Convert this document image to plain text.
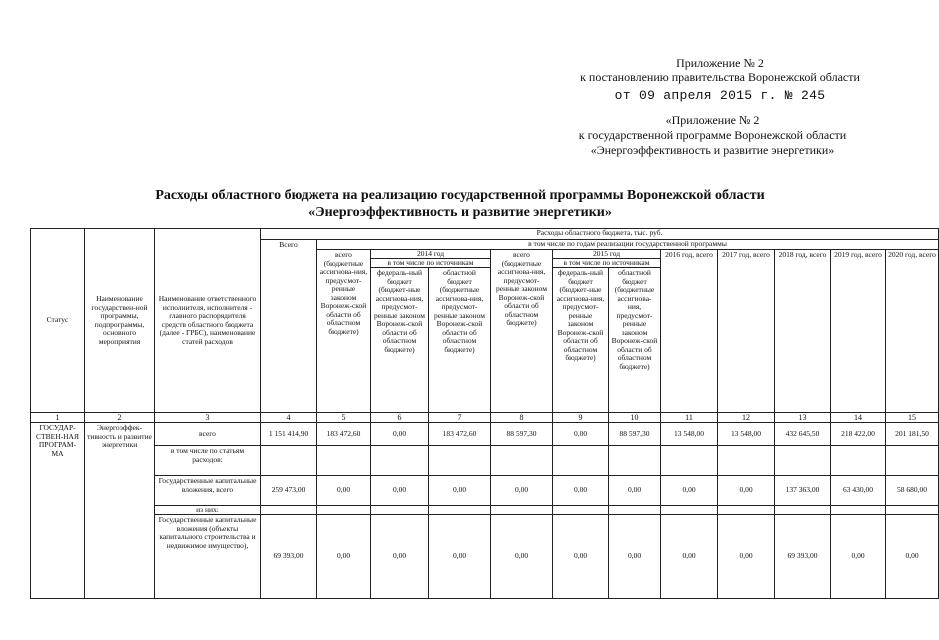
Приложение № 2
к постановлению правительства Воронежской области
от 09 апреля 2015 г. № 245
«Приложение № 2
к государственной программе Воронежской области
«Энергоэффективность и развитие энергетики»
Расходы областного бюджета на реализацию государственной программы Воронежской области
«Энергоэффективность и развитие энергетики»
Статус	Наименование государствен-ной программы, подпрограммы, основного мероприятия	Наименование ответственного исполнителя, исполнителя - главного распорядителя средств областного бюджета (далее - ГРБС), наименование статей расходов	Расходы областного бюджета, тыс. руб.											
			Всего	в том числе по годам реализации государственной программы										
				всего (бюджетные ассигнова-ния, предусмот-ренные законом Воронеж-ской области об областном бюджете)	2014 год		всего (бюджетные ассигнова-ния, предусмот-ренные законом Воронеж-ской области об областном бюджете)	2015 год		2016 год, всего	2017 год, всего	2018 год, всего	2019 год, всего	2020 год, всего
					в том числе по источникам			в том числе по источникам						
					федераль-ный бюджет (бюджет-ные ассигнова-ния, предусмот-ренные законом Воронеж-ской области об областном бюджете)	областной бюджет (бюджетные ассигнова-ния, предусмот-ренные законом Воронеж-ской области об областном бюджете)		федераль-ный бюджет (бюджет-ные ассигнова-ния, предусмот-ренные законом Воронеж-ской области об областном бюджете)	областной бюджет (бюджетные ассигнова-ния, предусмот-ренные законом Воронеж-ской области об областном бюджете)					
1	2	3	4	5	6	7	8	9	10	11	12	13	14	15
ГОСУДАР-СТВЕН-НАЯ ПРОГРАМ-МА	Энергоэффек-тивность и развитие энергетики	всего	1 151 414,90	183 472,60	0,00	183 472,60	88 597,30	0,00	88 597,30	13 548,00	13 548,00	432 645,50	218 422,00	201 181,50
		в том числе по статьям расходов:												
		Государственные капитальные вложения, всего	259 473,00	0,00	0,00	0,00	0,00	0,00	0,00	0,00	0,00	137 363,00	63 430,00	58 680,00
		из них:												
		Государственные капитальные вложения (объекты капитального строительства и недвижимое имущество),	69 393,00	0,00	0,00	0,00	0,00	0,00	0,00	0,00	0,00	69 393,00	0,00	0,00
